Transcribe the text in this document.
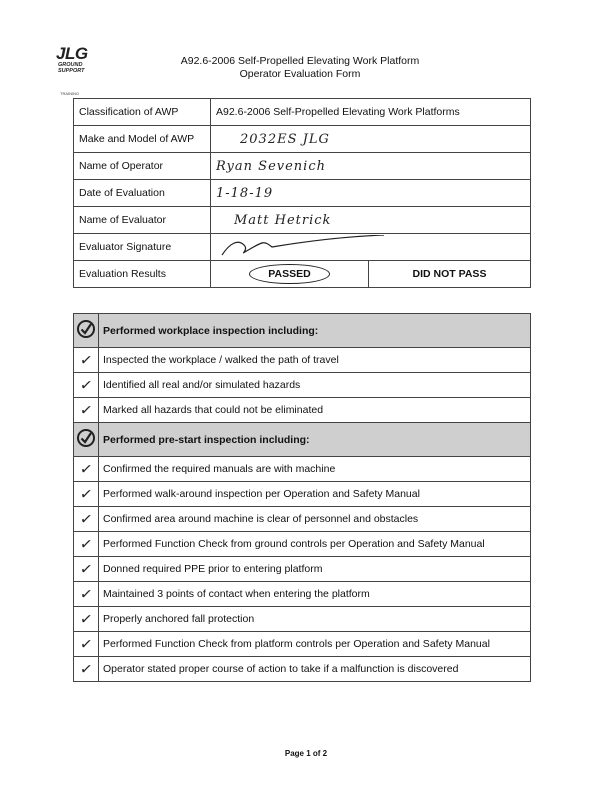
JLG
GROUND
SUPPORT
TRAINING
A92.6-2006 Self-Propelled Elevating Work Platform
Operator Evaluation Form
Classification of AWP	A92.6-2006 Self-Propelled Elevating Work Platforms	
Make and Model of AWP	2032ES JLG	
Name of Operator	Ryan Sevenich	
Date of Evaluation	1-18-19	
Name of Evaluator	Matt Hetrick	
Evaluator Signature	

Evaluation Results	PASSED	DID NOT PASS
	Performed workplace inspection including:
✓	Inspected the workplace / walked the path of travel
✓	Identified all real and/or simulated hazards
✓	Marked all hazards that could not be eliminated
	Performed pre-start inspection including:
✓	Confirmed the required manuals are with machine
✓	Performed walk-around inspection per Operation and Safety Manual
✓	Confirmed area around machine is clear of personnel and obstacles
✓	Performed Function Check from ground controls per Operation and Safety Manual
✓	Donned required PPE prior to entering platform
✓	Maintained 3 points of contact when entering the platform
✓	Properly anchored fall protection
✓	Performed Function Check from platform controls per Operation and Safety Manual
✓	Operator stated proper course of action to take if a malfunction is discovered
Page 1 of 2
